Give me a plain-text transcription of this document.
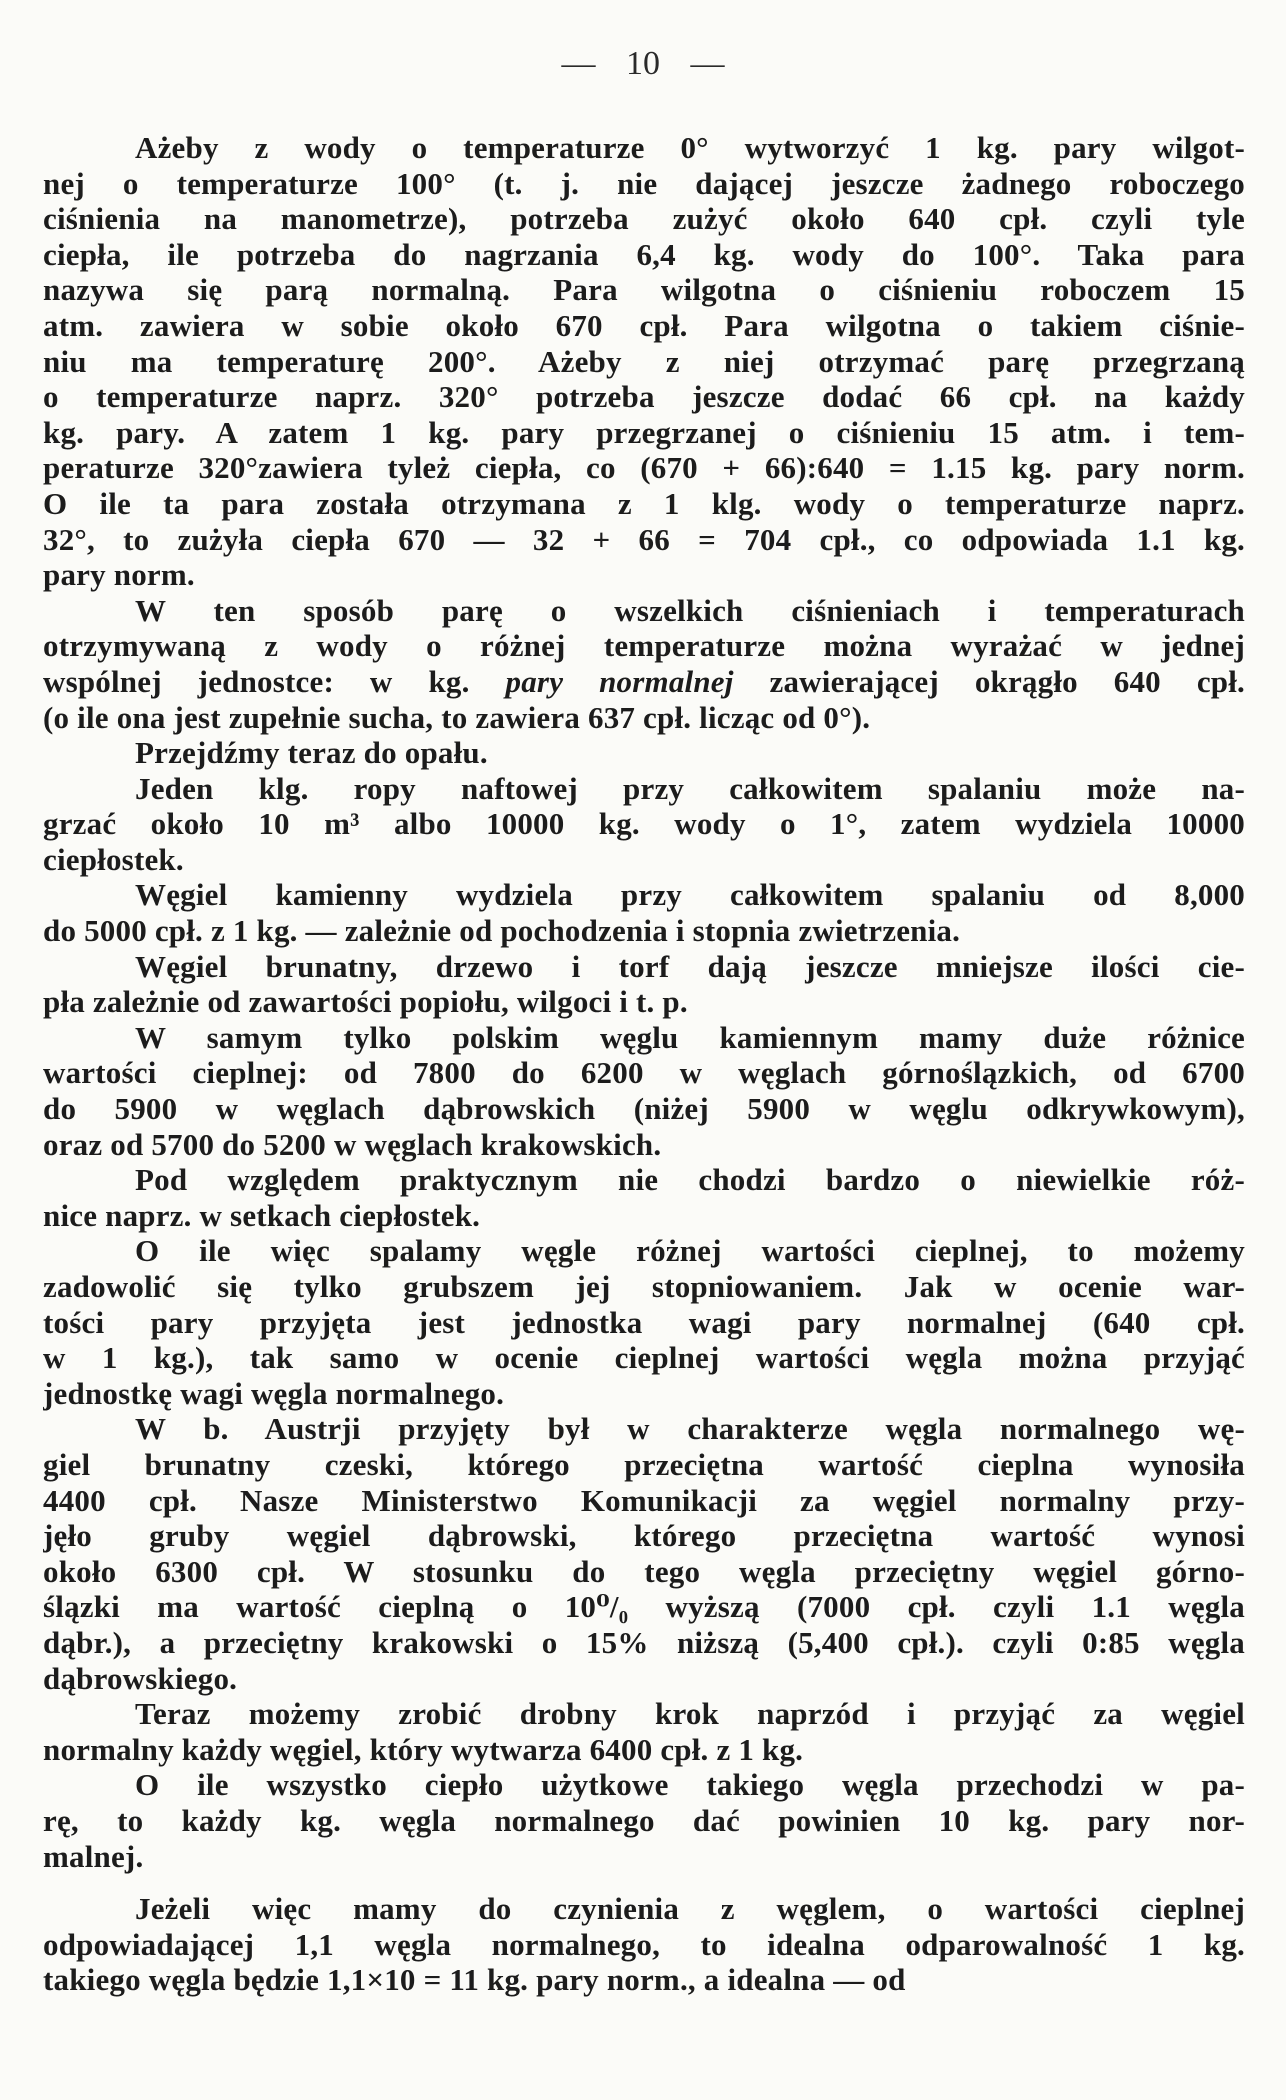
— 10 —
Ażeby z wody o temperaturze 0° wytworzyć 1 kg. pary wilgot-
nej o temperaturze 100° (t. j. nie dającej jeszcze żadnego roboczego
ciśnienia na manometrze), potrzeba zużyć około 640 cpł. czyli tyle
ciepła, ile potrzeba do nagrzania 6,4 kg. wody do 100°. Taka para
nazywa się parą normalną. Para wilgotna o ciśnieniu roboczem 15
atm. zawiera w sobie około 670 cpł. Para wilgotna o takiem ciśnie-
niu ma temperaturę 200°. Ażeby z niej otrzymać parę przegrzaną
o temperaturze naprz. 320° potrzeba jeszcze dodać 66 cpł. na każdy
kg. pary. A zatem 1 kg. pary przegrzanej o ciśnieniu 15 atm. i tem-
peraturze 320°zawiera tyleż ciepła, co (670 + 66):640 = 1.15 kg. pary norm.
O ile ta para została otrzymana z 1 klg. wody o temperaturze naprz.
32°, to zużyła ciepła 670 — 32 + 66 = 704 cpł., co odpowiada 1.1 kg.
pary norm.
W ten sposób parę o wszelkich ciśnieniach i temperaturach
otrzymywaną z wody o różnej temperaturze można wyrażać w jednej
wspólnej jednostce: w kg. pary normalnej zawierającej okrągło 640 cpł.
(o ile ona jest zupełnie sucha, to zawiera 637 cpł. licząc od 0°).
Przejdźmy teraz do opału.
Jeden klg. ropy naftowej przy całkowitem spalaniu może na-
grzać około 10 m³ albo 10000 kg. wody o 1°, zatem wydziela 10000
ciepłostek.
Węgiel kamienny wydziela przy całkowitem spalaniu od 8,000
do 5000 cpł. z 1 kg. — zależnie od pochodzenia i stopnia zwietrzenia.
Węgiel brunatny, drzewo i torf dają jeszcze mniejsze ilości cie-
pła zależnie od zawartości popiołu, wilgoci i t. p.
W samym tylko polskim węglu kamiennym mamy duże różnice
wartości cieplnej: od 7800 do 6200 w węglach górnoślązkich, od 6700
do 5900 w węglach dąbrowskich (niżej 5900 w węglu odkrywkowym),
oraz od 5700 do 5200 w węglach krakowskich.
Pod względem praktycznym nie chodzi bardzo o niewielkie róż-
nice naprz. w setkach ciepłostek.
O ile więc spalamy węgle różnej wartości cieplnej, to możemy
zadowolić się tylko grubszem jej stopniowaniem. Jak w ocenie war-
tości pary przyjęta jest jednostka wagi pary normalnej (640 cpł.
w 1 kg.), tak samo w ocenie cieplnej wartości węgla można przyjąć
jednostkę wagi węgla normalnego.
W b. Austrji przyjęty był w charakterze węgla normalnego wę-
giel brunatny czeski, którego przeciętna wartość cieplna wynosiła
4400 cpł. Nasze Ministerstwo Komunikacji za węgiel normalny przy-
jęło gruby węgiel dąbrowski, którego przeciętna wartość wynosi
około 6300 cpł. W stosunku do tego węgla przeciętny węgiel górno-
ślązki ma wartość cieplną o 10⁰/₀ wyższą (7000 cpł. czyli 1.1 węgla
dąbr.), a przeciętny krakowski o 15% niższą (5,400 cpł.). czyli 0:85 węgla
dąbrowskiego.
Teraz możemy zrobić drobny krok naprzód i przyjąć za węgiel
normalny każdy węgiel, który wytwarza 6400 cpł. z 1 kg.
O ile wszystko ciepło użytkowe takiego węgla przechodzi w pa-
rę, to każdy kg. węgla normalnego dać powinien 10 kg. pary nor-
malnej.
Jeżeli więc mamy do czynienia z węglem, o wartości cieplnej
odpowiadającej 1,1 węgla normalnego, to idealna odparowalność 1 kg.
takiego węgla będzie 1,1×10 = 11 kg. pary norm., a idealna — od
